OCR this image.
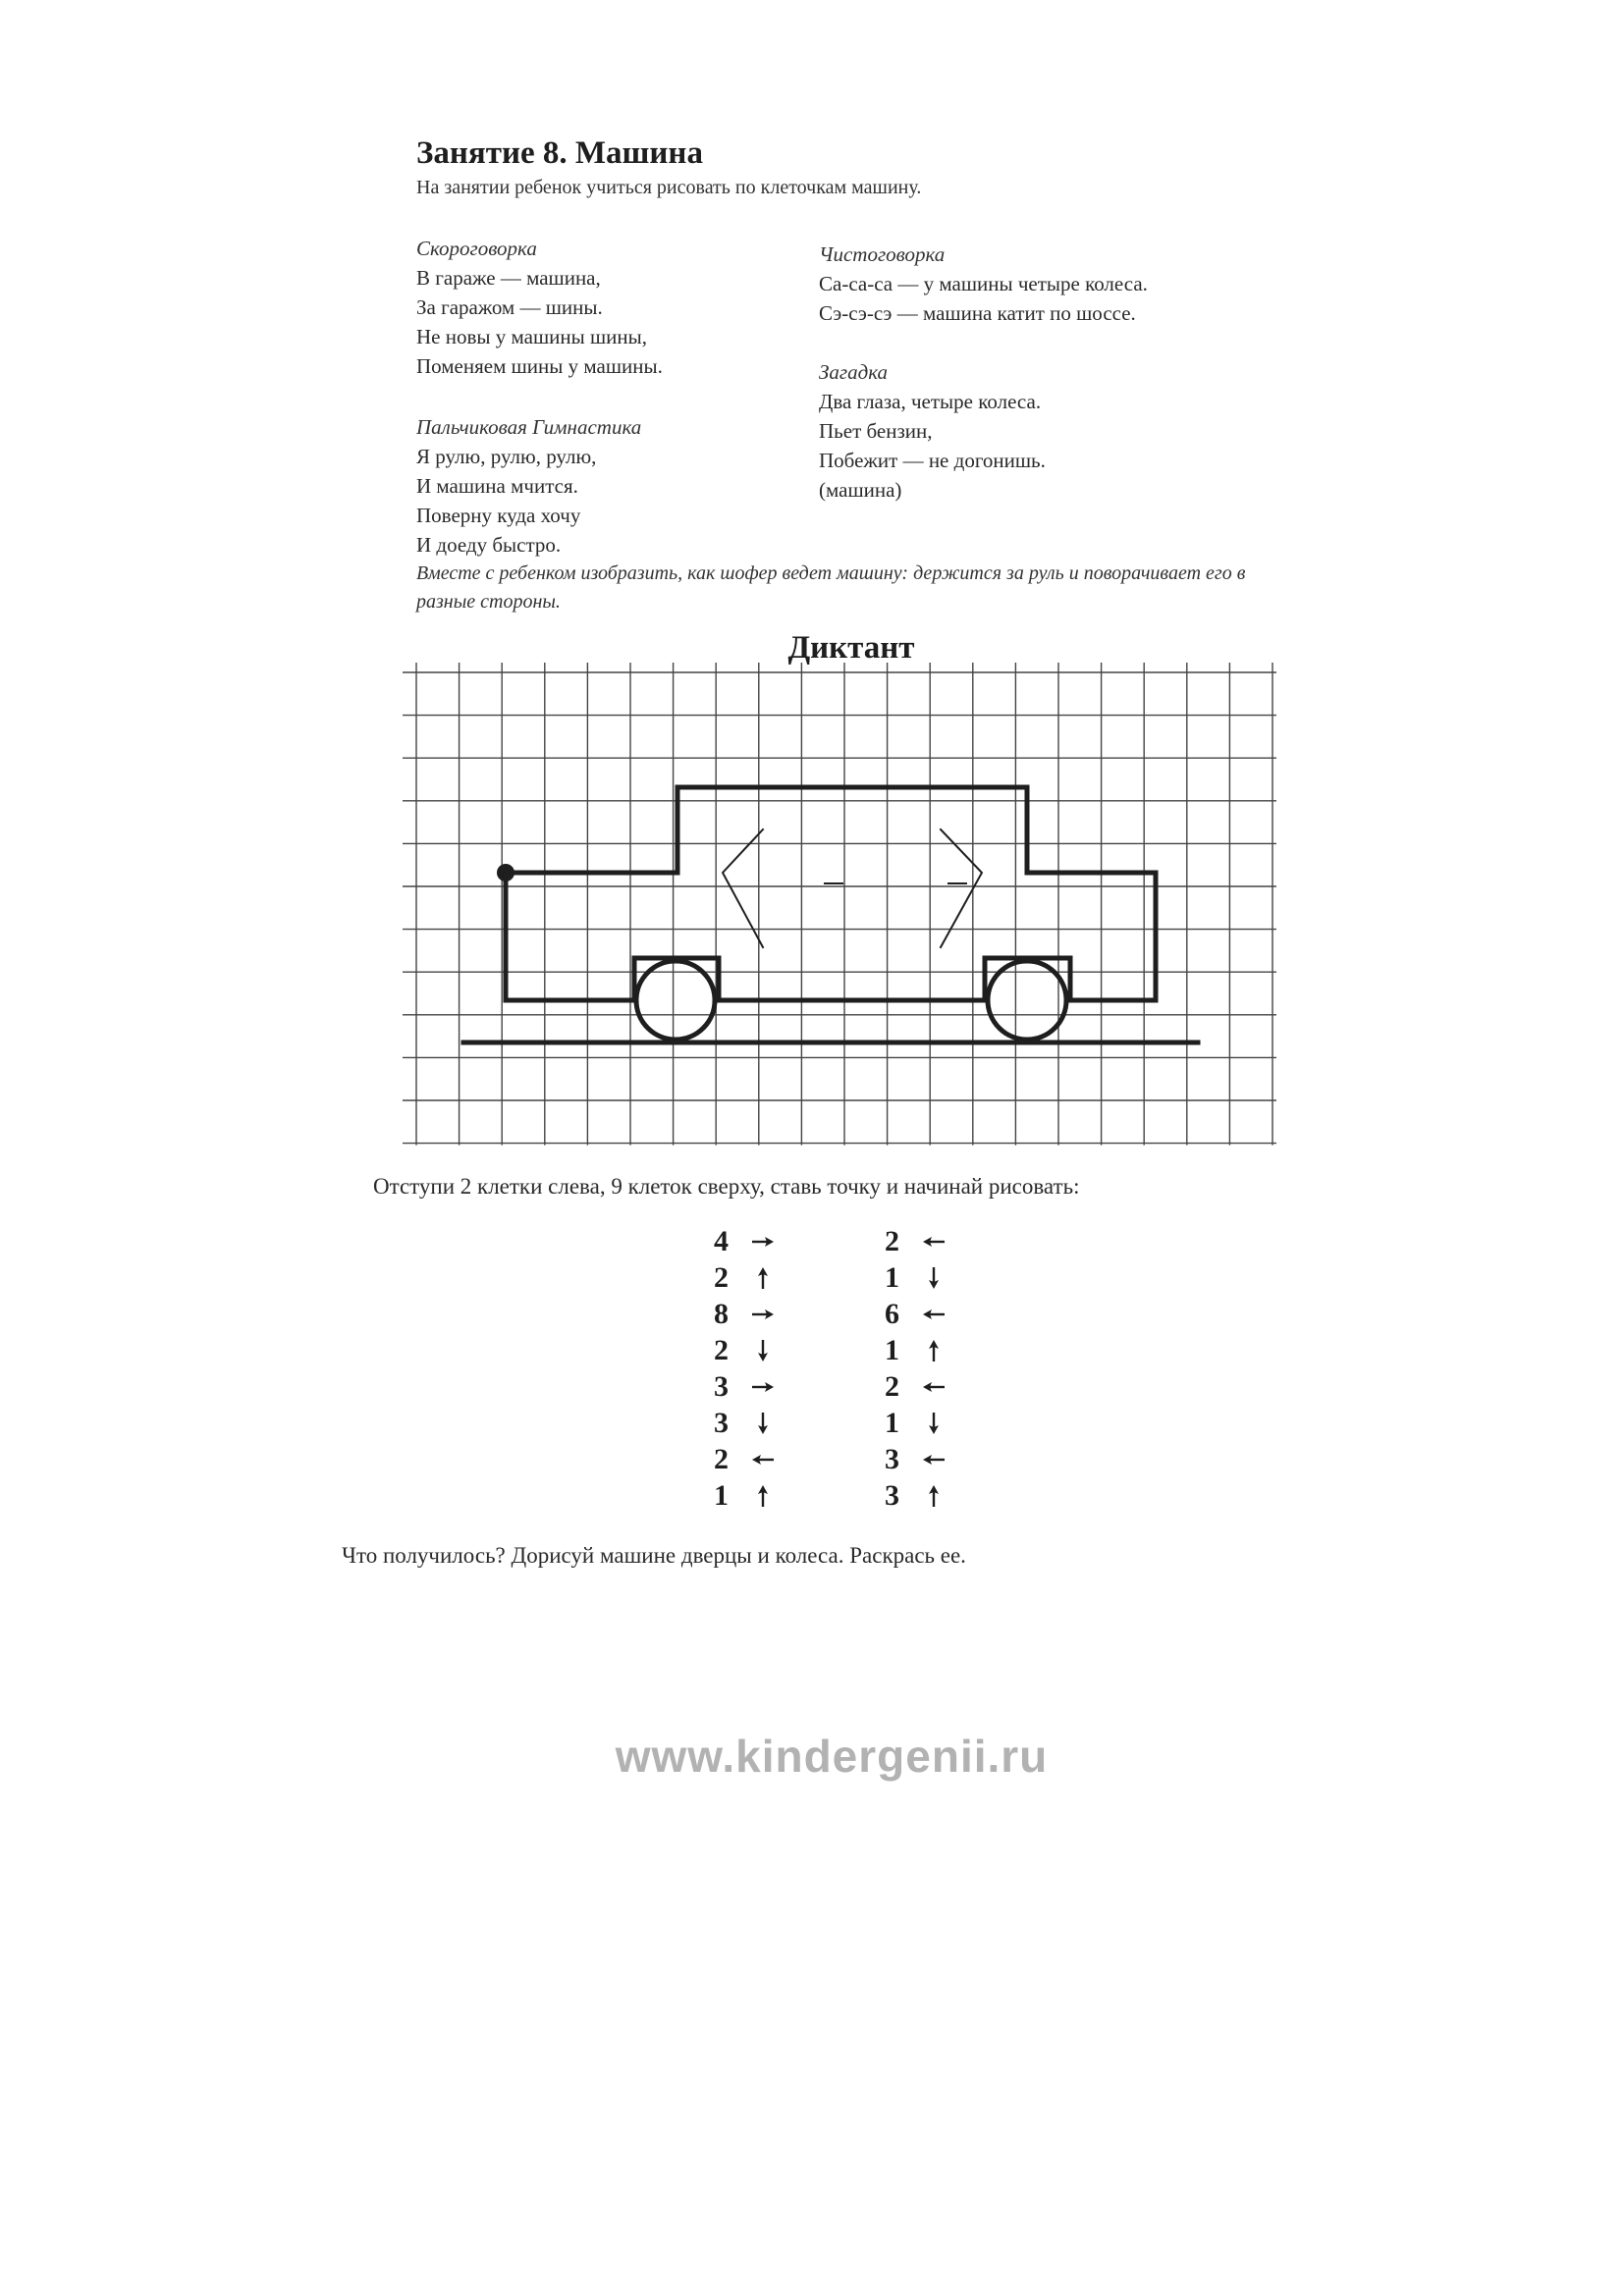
Занятие 8. Машина
На занятии ребенок учиться рисовать по клеточкам машину.
Скороговорка
В гараже — машина,
За гаражом — шины.
Не новы у машины шины,
Поменяем шины у машины.
Пальчиковая Гимнастика
Я рулю, рулю, рулю,
И машина мчится.
Поверну куда хочу
И доеду быстро.
Чистоговорка
Са-са-са — у машины четыре колеса.
Сэ-сэ-сэ — машина катит по шоссе.
Загадка
Два глаза, четыре колеса.
Пьет бензин,
Побежит — не догонишь.
(машина)
Вместе с ребенком изобразить, как шофер ведет машину: держится за руль и поворачивает его в разные стороны.
Диктант
Отступи 2 клетки слева, 9 клеток сверху, ставь точку и начинай рисовать:
4
2
8
2
3
3
2
1
2
1
6
1
2
1
3
3
Что получилось? Дорисуй машине дверцы и колеса. Раскрась ее.
www.kindergenii.ru
